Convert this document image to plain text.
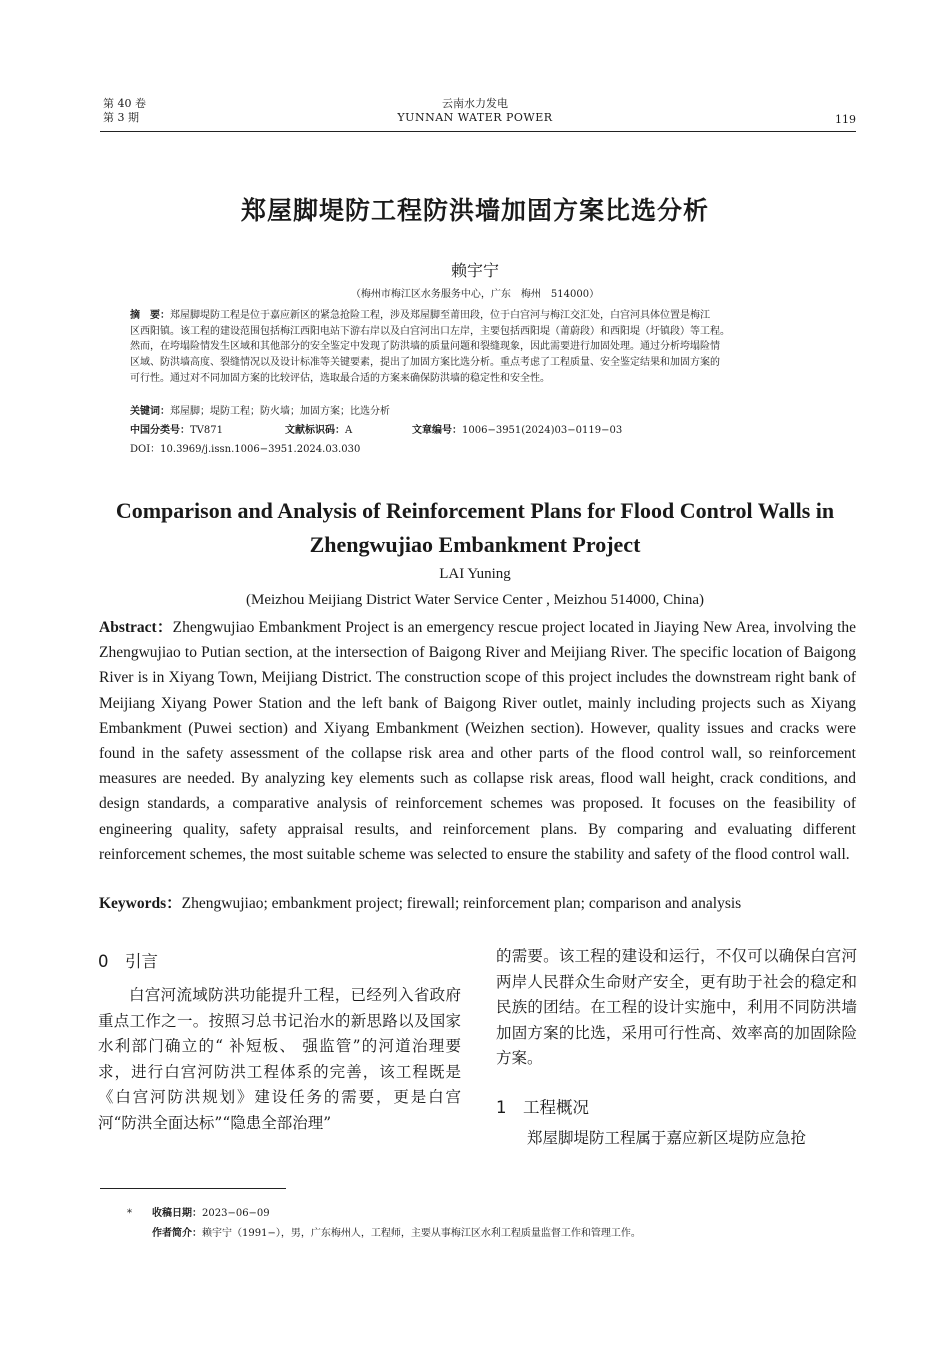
第 40 卷
第 3 期
云南水力发电
YUNNAN WATER POWER	119
郑屋脚堤防工程防洪墙加固方案比选分析
赖宇宁
（梅州市梅江区水务服务中心，广东　梅州　514000）
摘　要：郑屋脚堤防工程是位于嘉应新区的紧急抢险工程，涉及郑屋脚至莆田段，位于白宫河与梅江交汇处，白宫河具体位置是梅江
区西阳镇。该工程的建设范围包括梅江西阳电站下游右岸以及白宫河出口左岸，主要包括西阳堤（莆蔚段）和西阳堤（圩镇段）等工程。
然而，在垮塌险情发生区域和其他部分的安全鉴定中发现了防洪墙的质量问题和裂缝现象，因此需要进行加固处理。通过分析垮塌险情
区域、防洪墙高度、裂缝情况以及设计标准等关键要素，提出了加固方案比选分析。重点考虑了工程质量、安全鉴定结果和加固方案的
可行性。通过对不同加固方案的比较评估，选取最合适的方案来确保防洪墙的稳定性和安全性。
关键词：郑屋脚；堤防工程；防火墙；加固方案；比选分析
中国分类号：TV871	文献标识码：A	文章编号：1006−3951(2024)03−0119−03
DOI：10.3969/j.issn.1006−3951.2024.03.030
Comparison and Analysis of Reinforcement Plans for Flood Control Walls in
Zhengwujiao Embankment Project
LAI Yuning
(Meizhou Meijiang District Water Service Center , Meizhou 514000, China)
Abstract：Zhengwujiao Embankment Project is an emergency rescue project located in Jiaying New Area, involving the Zhengwujiao to Putian section, at the intersection of Baigong River and Meijiang River. The specific location of Baigong River is in Xiyang Town, Meijiang District. The construction scope of this project includes the downstream right bank of Meijiang Xiyang Power Station and the left bank of Baigong River outlet, mainly including projects such as Xiyang Embankment (Puwei section) and Xiyang Embankment (Weizhen section). However, quality issues and cracks were found in the safety assessment of the collapse risk area and other parts of the flood control wall, so reinforcement measures are needed. By analyzing key elements such as collapse risk areas, flood wall height, crack conditions, and design standards, a comparative analysis of reinforcement schemes was proposed. It focuses on the feasibility of engineering quality, safety appraisal results, and reinforcement plans. By comparing and evaluating different reinforcement schemes, the most suitable scheme was selected to ensure the stability and safety of the flood control wall.
Keywords：Zhengwujiao; embankment project; firewall; reinforcement plan; comparison and analysis
0　引言
白宫河流域防洪功能提升工程，已经列入省政府重点工作之一。按照习总书记治水的新思路以及国家水利部门确立的“ 补短板、 强监管”的河道治理要求，进行白宫河防洪工程体系的完善，该工程既是《白宫河防洪规划》建设任务的需要，更是白宫河“防洪全面达标”“隐患全部治理”
的需要。该工程的建设和运行，不仅可以确保白宫河两岸人民群众生命财产安全，更有助于社会的稳定和民族的团结。在工程的设计实施中，利用不同防洪墙加固方案的比选，采用可行性高、效率高的加固除险方案。
1　工程概况
郑屋脚堤防工程属于嘉应新区堤防应急抢
* 收稿日期：2023−06−09
作者简介：赖宇宁（1991−），男，广东梅州人，工程师，主要从事梅江区水利工程质量监督工作和管理工作。
